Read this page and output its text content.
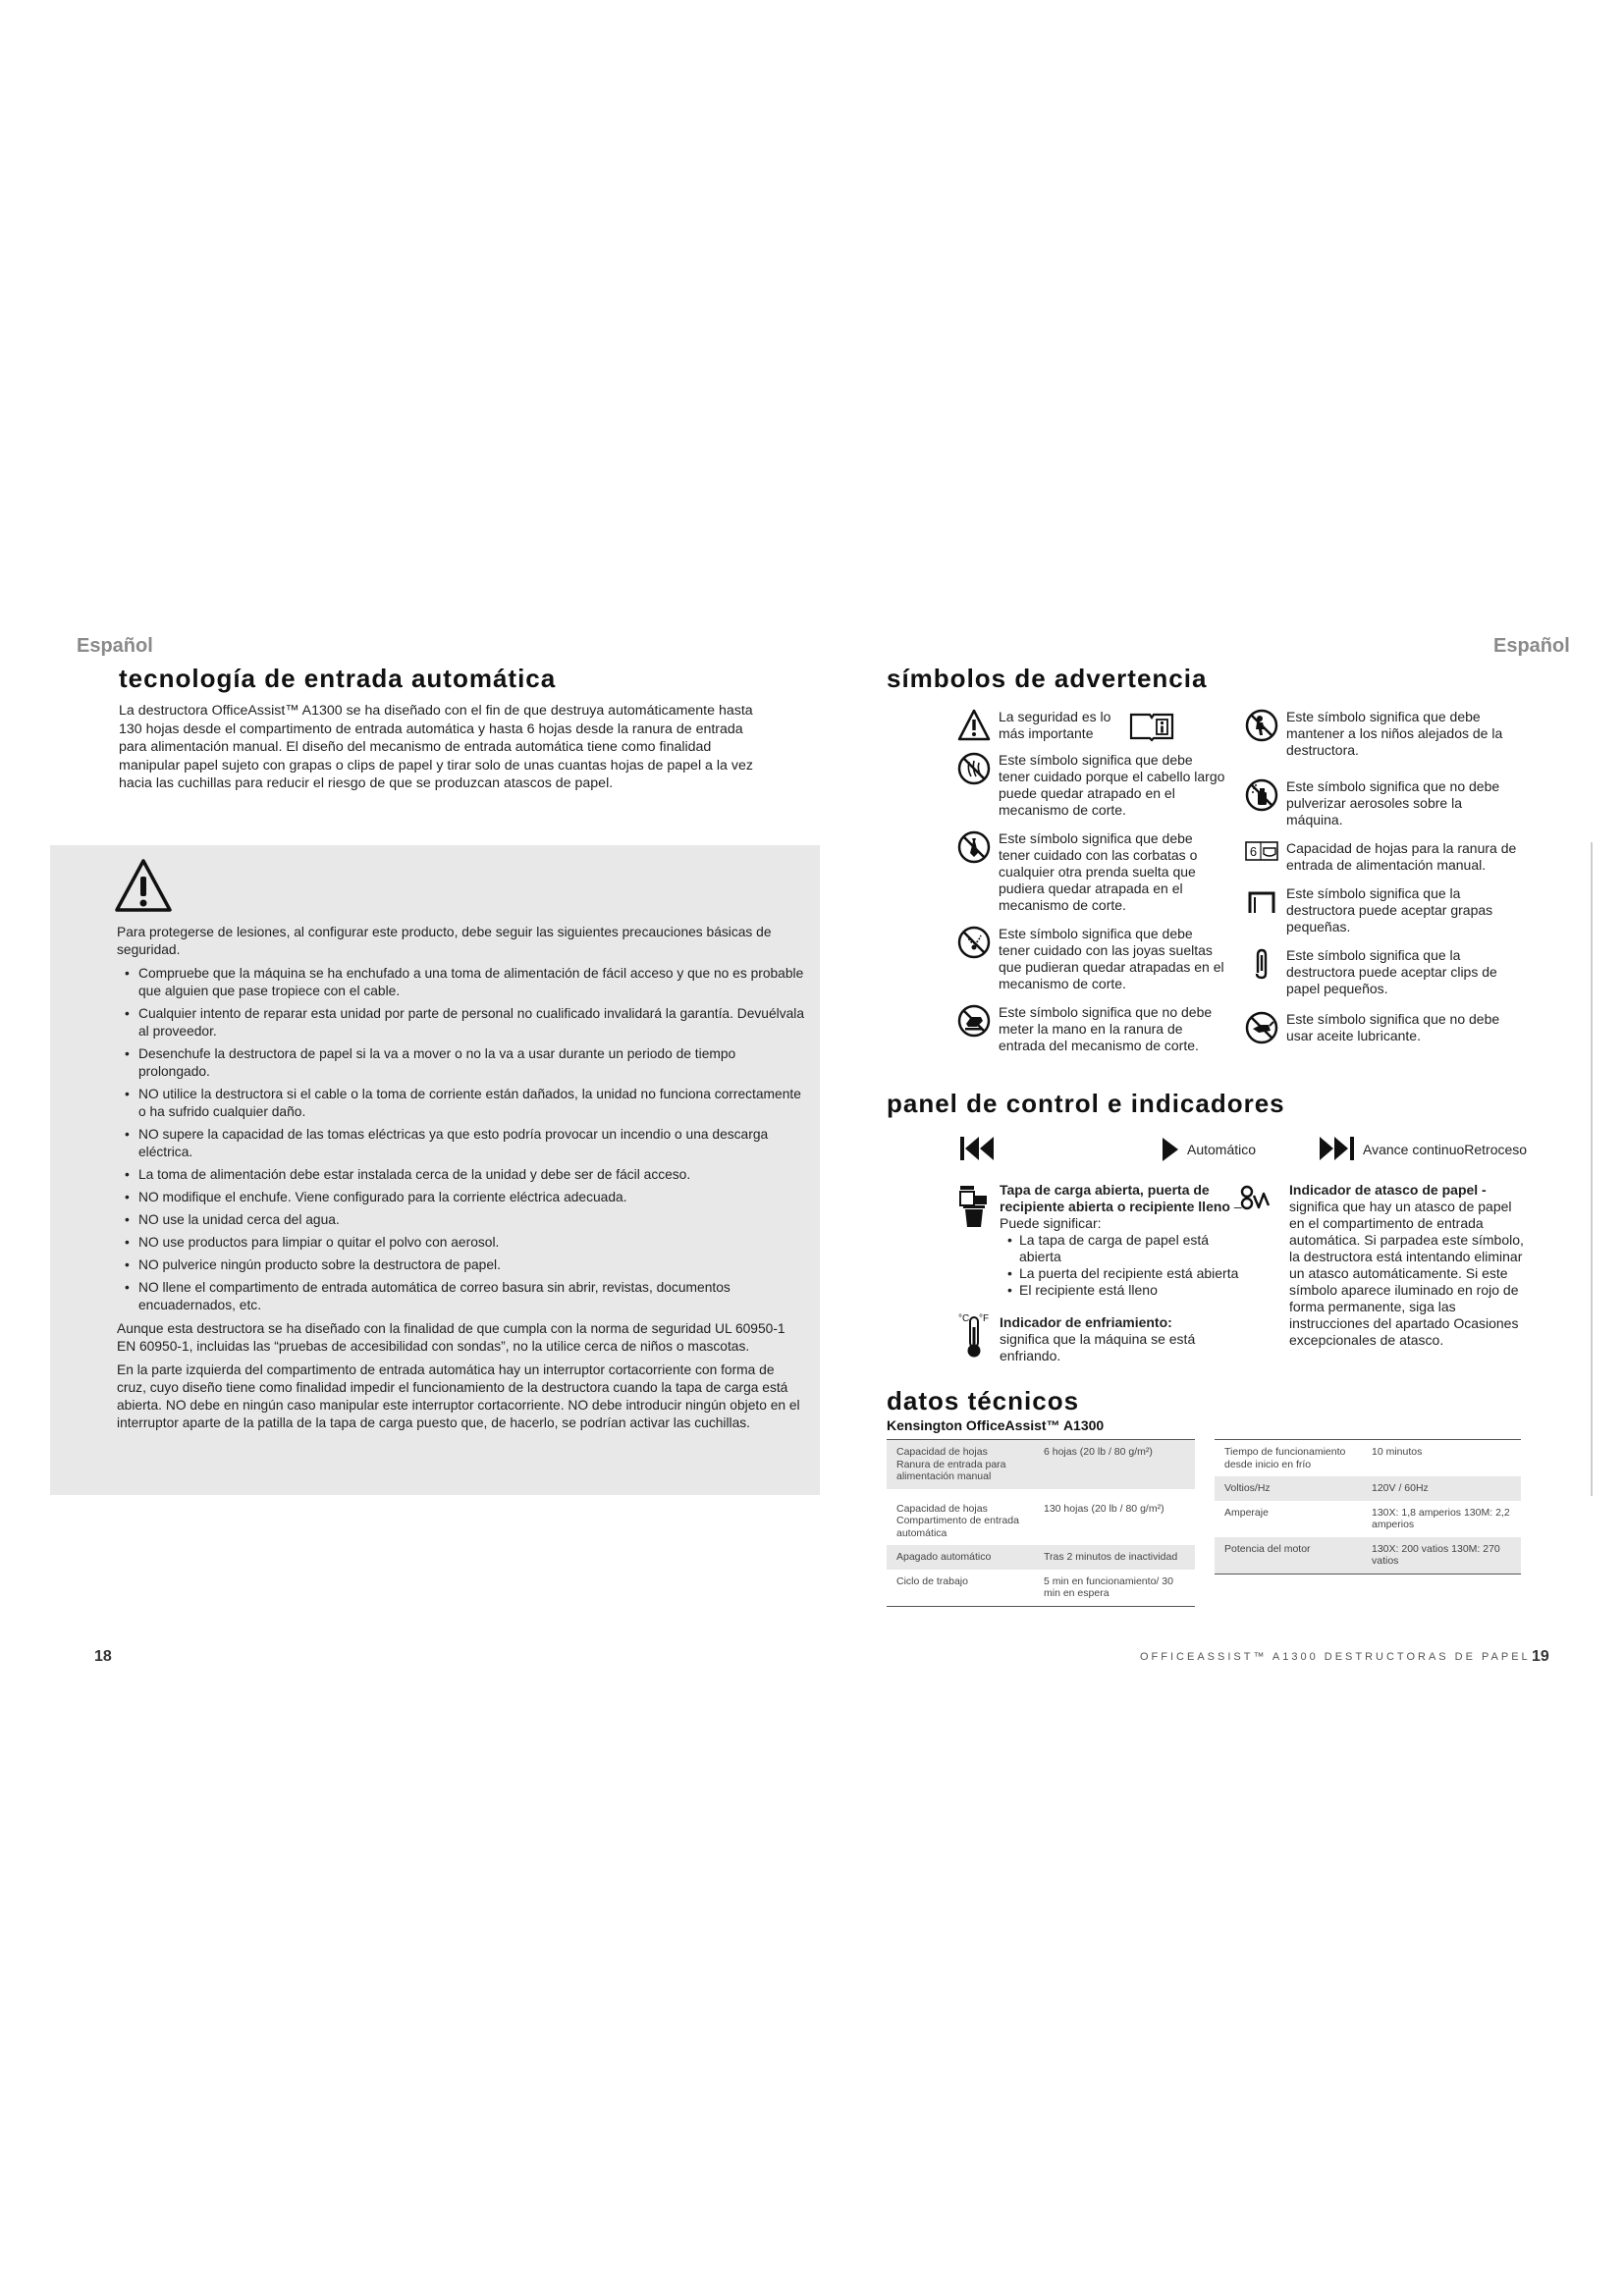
Español
tecnología de entrada automática

La destructora OfficeAssist™ A1300 se ha diseñado con el fin de que destruya automáticamente hasta 130 hojas desde el compartimento de entrada automática y hasta 6 hojas desde la ranura de entrada para alimentación manual. El diseño del mecanismo de entrada automática tiene como finalidad manipular papel sujeto con grapas o clips de papel y tirar solo de unas cuantas hojas de papel a la vez hacia las cuchillas para reducir el riesgo de que se produzcan atascos de papel.

Para protegerse de lesiones, al configurar este producto, debe seguir las siguientes precauciones básicas de seguridad.

• Compruebe que la máquina se ha enchufado a una toma de alimentación de fácil acceso y que no es probable que alguien que pase tropiece con el cable.
• Cualquier intento de reparar esta unidad por parte de personal no cualificado invalidará la garantía. Devuélvala al proveedor.
• Desenchufe la destructora de papel si la va a mover o no la va a usar durante un periodo de tiempo prolongado.
• NO utilice la destructora si el cable o la toma de corriente están dañados, la unidad no funciona correctamente o ha sufrido cualquier daño.
• NO supere la capacidad de las tomas eléctricas ya que esto podría provocar un incendio o una descarga eléctrica.
• La toma de alimentación debe estar instalada cerca de la unidad y debe ser de fácil acceso.
• NO modifique el enchufe. Viene configurado para la corriente eléctrica adecuada.
• NO use la unidad cerca del agua.
• NO use productos para limpiar o quitar el polvo con aerosol.
• NO pulverice ningún producto sobre la destructora de papel.
• NO llene el compartimento de entrada automática de correo basura sin abrir, revistas, documentos encuadernados, etc.

Aunque esta destructora se ha diseñado con la finalidad de que cumpla con la norma de seguridad UL 60950-1 EN 60950-1, incluidas las “pruebas de accesibilidad con sondas”, no la utilice cerca de niños o mascotas.

En la parte izquierda del compartimento de entrada automática hay un interruptor cortacorriente con forma de cruz, cuyo diseño tiene como finalidad impedir el funcionamiento de la destructora cuando la tapa de carga está abierta. NO debe en ningún caso manipular este interruptor cortacorriente. NO debe introducir ningún objeto en el interruptor aparte de la patilla de la tapa de carga puesto que, de hacerlo, se podrían activar las cuchillas.

18
Español
símbolos de advertencia
La seguridad es lo más importante
Este símbolo significa que debe tener cuidado porque el cabello largo puede quedar atrapado en el mecanismo de corte.
Este símbolo significa que debe tener cuidado con las corbatas o cualquier otra prenda suelta que pudiera quedar atrapada en el mecanismo de corte.
Este símbolo significa que debe tener cuidado con las joyas sueltas que pudieran quedar atrapadas en el mecanismo de corte.
Este símbolo significa que no debe meter la mano en la ranura de entrada del mecanismo de corte.
Este símbolo significa que debe mantener a los niños alejados de la destructora.
Este símbolo significa que no debe pulverizar aerosoles sobre la máquina.
6 Capacidad de hojas para la ranura de entrada de alimentación manual.
Este símbolo significa que la destructora puede aceptar grapas pequeñas.
Este símbolo significa que la destructora puede aceptar clips de papel pequeños.
Este símbolo significa que no debe usar aceite lubricante.
panel de control e indicadores
Automático	Avance continuoRetroceso
Tapa de carga abierta, puerta de recipiente abierta o recipiente lleno – Puede significar:
• La tapa de carga de papel está abierta
• La puerta del recipiente está abierta
• El recipiente está lleno
°C °F Indicador de enfriamiento:
significa que la máquina se está enfriando.
Indicador de atasco de papel -
significa que hay un atasco de papel en el compartimento de entrada automática. Si parpadea este símbolo, la destructora está intentando eliminar un atasco automáticamente. Si este símbolo aparece iluminado en rojo de forma permanente, siga las instrucciones del apartado Ocasiones excepcionales de atasco.
datos técnicos
Kensington OfficeAssist™ A1300
Capacidad de hojas Ranura de entrada para alimentación manual	6 hojas (20 lb / 80 g/m²)
Capacidad de hojas Compartimento de entrada automática	130 hojas (20 lb / 80 g/m²)
Apagado automático	Tras 2 minutos de inactividad
Ciclo de trabajo	5 min en funcionamiento/ 30 min en espera
Tiempo de funcionamiento desde inicio en frío	10 minutos
Voltios/Hz	120V / 60Hz
Amperaje	130X: 1,8 amperios 130M: 2,2 amperios
Potencia del motor	130X: 200 vatios 130M: 270 vatios
OFFICEASSIST™ A1300 DESTRUCTORAS DE PAPEL 19
